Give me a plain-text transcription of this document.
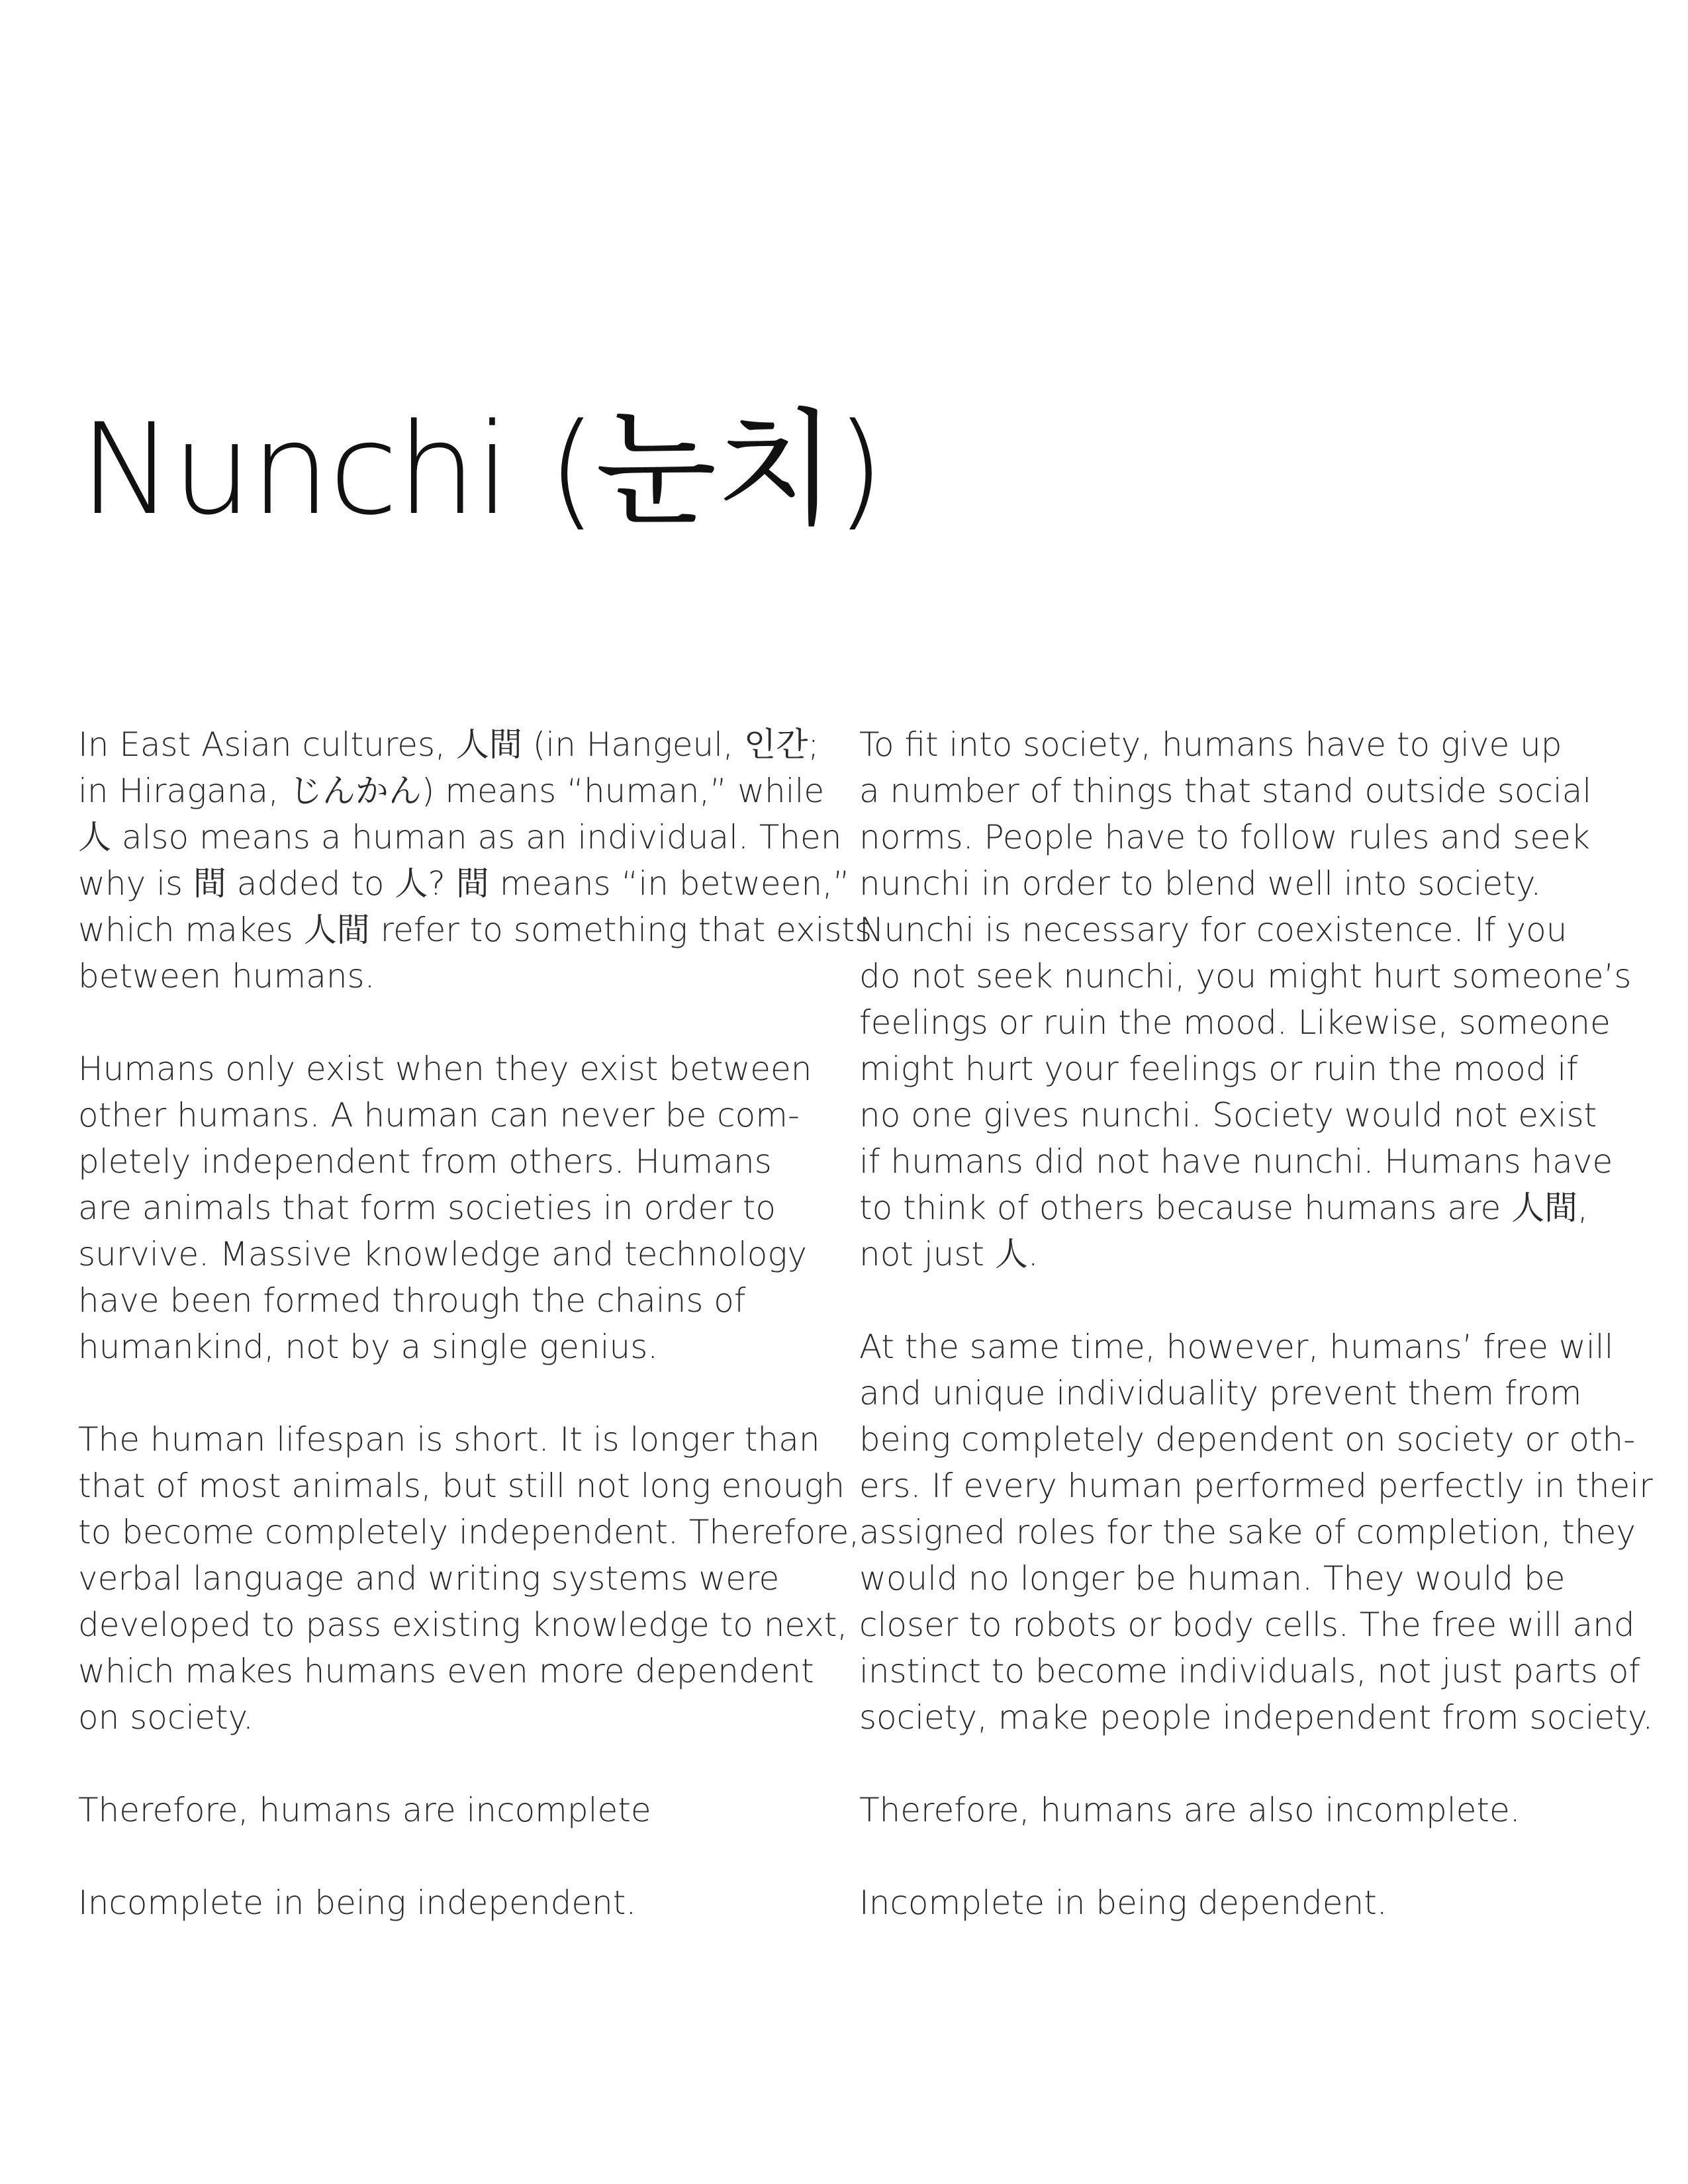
Nunchi (눈치)

In East Asian cultures, 人間 (in Hangeul, 인간;
in Hiragana, じんかん) means “human,” while
人 also means a human as an individual. Then
why is 間 added to 人? 間 means “in between,”
which makes 人間 refer to something that exists
between humans.

Humans only exist when they exist between
other humans. A human can never be com-
pletely independent from others. Humans
are animals that form societies in order to
survive. Massive knowledge and technology
have been formed through the chains of
humankind, not by a single genius.

The human lifespan is short. It is longer than
that of most animals, but still not long enough
to become completely independent. Therefore,
verbal language and writing systems were
developed to pass existing knowledge to next,
which makes humans even more dependent
on society.

Therefore, humans are incomplete

Incomplete in being independent.

To fit into society, humans have to give up
a number of things that stand outside social
norms. People have to follow rules and seek
nunchi in order to blend well into society.
Nunchi is necessary for coexistence. If you
do not seek nunchi, you might hurt someone’s
feelings or ruin the mood. Likewise, someone
might hurt your feelings or ruin the mood if
no one gives nunchi. Society would not exist
if humans did not have nunchi. Humans have
to think of others because humans are 人間,
not just 人.

At the same time, however, humans’ free will
and unique individuality prevent them from
being completely dependent on society or oth-
ers. If every human performed perfectly in their
assigned roles for the sake of completion, they
would no longer be human. They would be
closer to robots or body cells. The free will and
instinct to become individuals, not just parts of
society, make people independent from society.

Therefore, humans are also incomplete.

Incomplete in being dependent.
